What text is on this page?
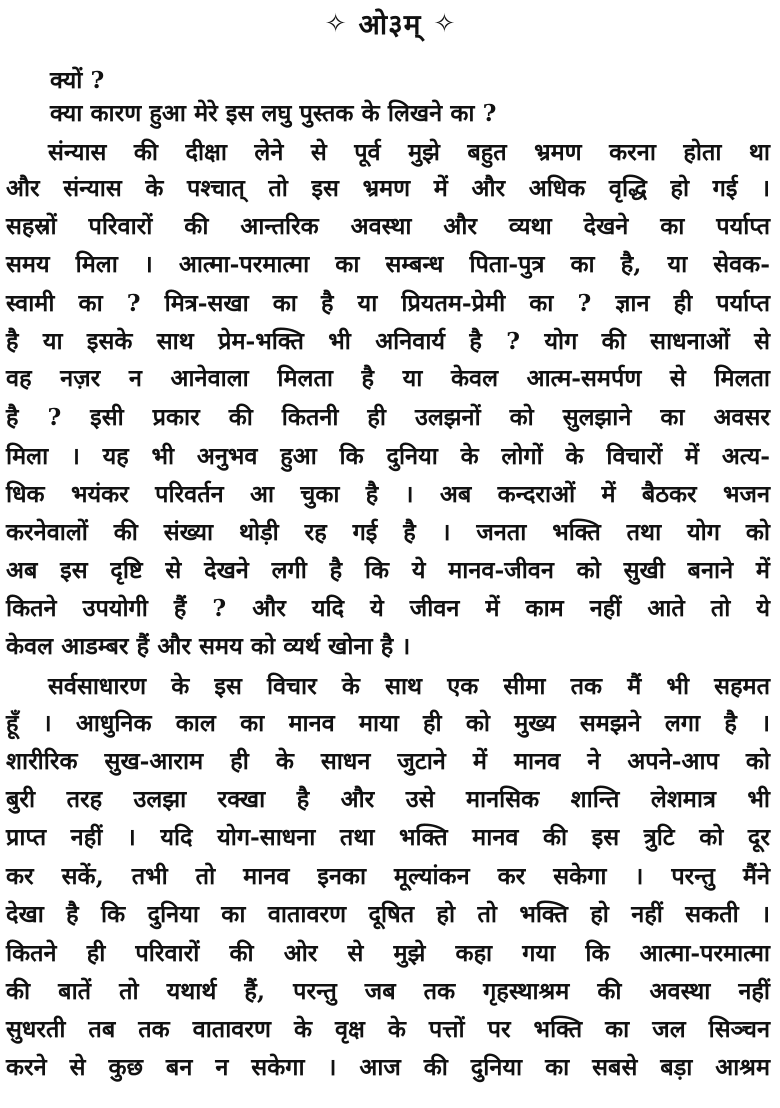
✧ ओ३म् ✧
क्यों ?
क्या कारण हुआ मेरे इस लघु पुस्तक के लिखने का ?
संन्यास की दीक्षा लेने से पूर्व मुझे बहुत भ्रमण करना होता था
और संन्यास के पश्चात् तो इस भ्रमण में और अधिक वृद्धि हो गई ।
सहस्रों परिवारों की आन्तरिक अवस्था और व्यथा देखने का पर्याप्त
समय मिला । आत्मा-परमात्मा का सम्बन्ध पिता-पुत्र का है, या सेवक-
स्वामी का ? मित्र-सखा का है या प्रियतम-प्रेमी का ? ज्ञान ही पर्याप्त
है या इसके साथ प्रेम-भक्ति भी अनिवार्य है ? योग की साधनाओं से
वह नज़र न आनेवाला मिलता है या केवल आत्म-समर्पण से मिलता
है ? इसी प्रकार की कितनी ही उलझनों को सुलझाने का अवसर
मिला । यह भी अनुभव हुआ कि दुनिया के लोगों के विचारों में अत्य-
धिक भयंकर परिवर्तन आ चुका है । अब कन्दराओं में बैठकर भजन
करनेवालों की संख्या थोड़ी रह गई है । जनता भक्ति तथा योग को
अब इस दृष्टि से देखने लगी है कि ये मानव-जीवन को सुखी बनाने में
कितने उपयोगी हैं ? और यदि ये जीवन में काम नहीं आते तो ये
केवल आडम्बर हैं और समय को व्यर्थ खोना है ।
सर्वसाधारण के इस विचार के साथ एक सीमा तक मैं भी सहमत
हूँ । आधुनिक काल का मानव माया ही को मुख्य समझने लगा है ।
शारीरिक सुख-आराम ही के साधन जुटाने में मानव ने अपने-आप को
बुरी तरह उलझा रक्खा है और उसे मानसिक शान्ति लेशमात्र भी
प्राप्त नहीं । यदि योग-साधना तथा भक्ति मानव की इस त्रुटि को दूर
कर सकें, तभी तो मानव इनका मूल्यांकन कर सकेगा । परन्तु मैंने
देखा है कि दुनिया का वातावरण दूषित हो तो भक्ति हो नहीं सकती ।
कितने ही परिवारों की ओर से मुझे कहा गया कि आत्मा-परमात्मा
की बातें तो यथार्थ हैं, परन्तु जब तक गृहस्थाश्रम की अवस्था नहीं
सुधरती तब तक वातावरण के वृक्ष के पत्तों पर भक्ति का जल सिञ्चन
करने से कुछ बन न सकेगा । आज की दुनिया का सबसे बड़ा आश्रम
